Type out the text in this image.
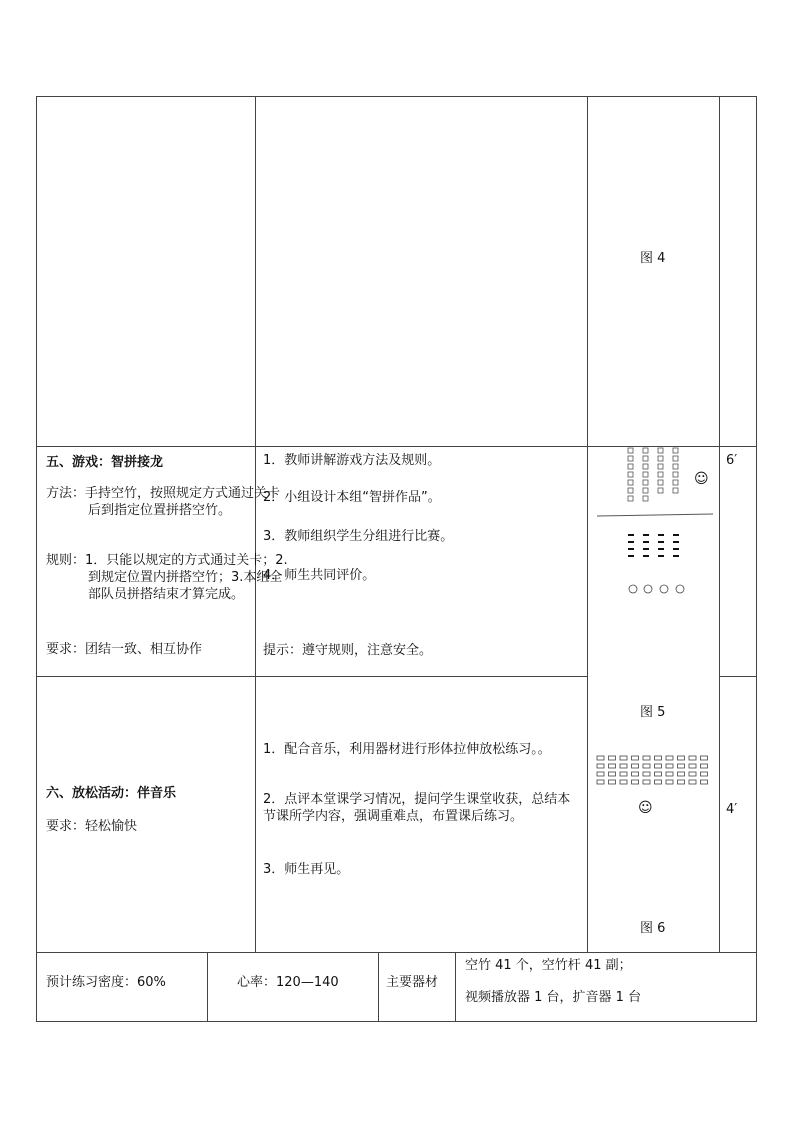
图 4
五、游戏：智拼接龙
方法：手持空竹，按照规定方式通过关卡后到指定位置拼搭空竹。
规则：1．只能以规定的方式通过关卡；2.到规定位置内拼搭空竹；3.本组全部队员拼搭结束才算完成。
要求：团结一致、相互协作
1．教师讲解游戏方法及规则。
2．小组设计本组“智拼作品”。
3．教师组织学生分组进行比赛。
4．师生共同评价。
提示：遵守规则，注意安全。
6′
☺
图 5
六、放松活动：伴音乐
要求：轻松愉快
1．配合音乐，利用器材进行形体拉伸放松练习。。
2．点评本堂课学习情况，提问学生课堂收获，总结本节课所学内容，强调重难点，布置课后练习。
3．师生再见。
☺
图 6
4′
预计练习密度：60%	心率：120—140	主要器材
空竹 41 个，空竹杆 41 副；
视频播放器 1 台，扩音器 1 台
